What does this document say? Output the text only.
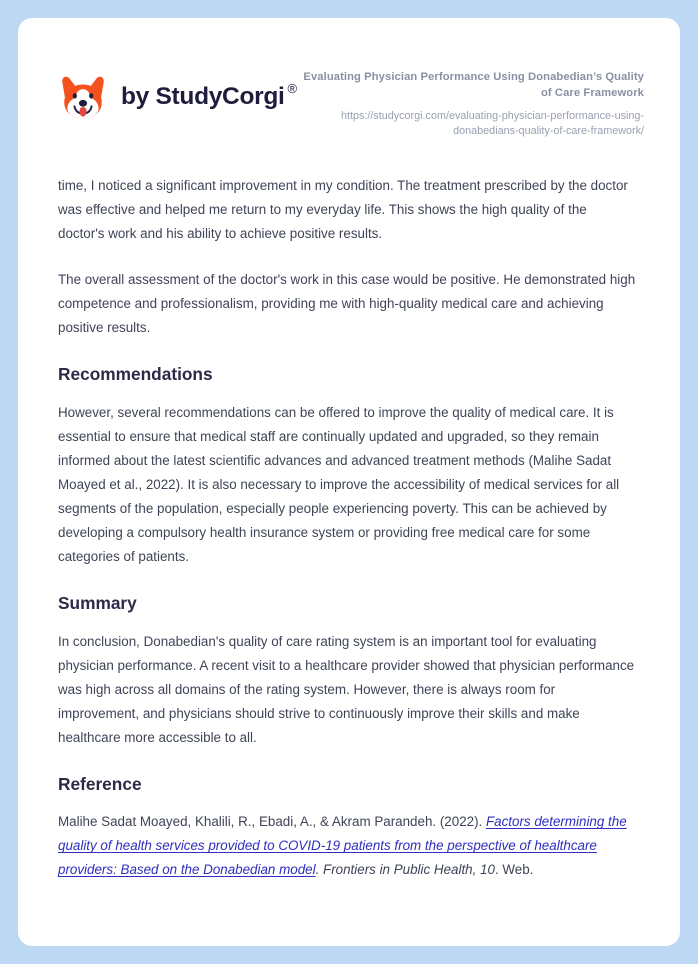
by StudyCorgi ®

Evaluating Physician Performance Using Donabedian’s Quality of Care Framework

https://studycorgi.com/evaluating-physician-performance-using-donabedians-quality-of-care-framework/

time, I noticed a significant improvement in my condition. The treatment prescribed by the doctor was effective and helped me return to my everyday life. This shows the high quality of the doctor's work and his ability to achieve positive results.

The overall assessment of the doctor's work in this case would be positive. He demonstrated high competence and professionalism, providing me with high-quality medical care and achieving positive results.

Recommendations

However, several recommendations can be offered to improve the quality of medical care. It is essential to ensure that medical staff are continually updated and upgraded, so they remain informed about the latest scientific advances and advanced treatment methods (Malihe Sadat Moayed et al., 2022). It is also necessary to improve the accessibility of medical services for all segments of the population, especially people experiencing poverty. This can be achieved by developing a compulsory health insurance system or providing free medical care for some categories of patients.

Summary

In conclusion, Donabedian's quality of care rating system is an important tool for evaluating physician performance. A recent visit to a healthcare provider showed that physician performance was high across all domains of the rating system. However, there is always room for improvement, and physicians should strive to continuously improve their skills and make healthcare more accessible to all.

Reference

Malihe Sadat Moayed, Khalili, R., Ebadi, A., & Akram Parandeh. (2022). Factors determining the quality of health services provided to COVID-19 patients from the perspective of healthcare providers: Based on the Donabedian model. Frontiers in Public Health, 10. Web.
